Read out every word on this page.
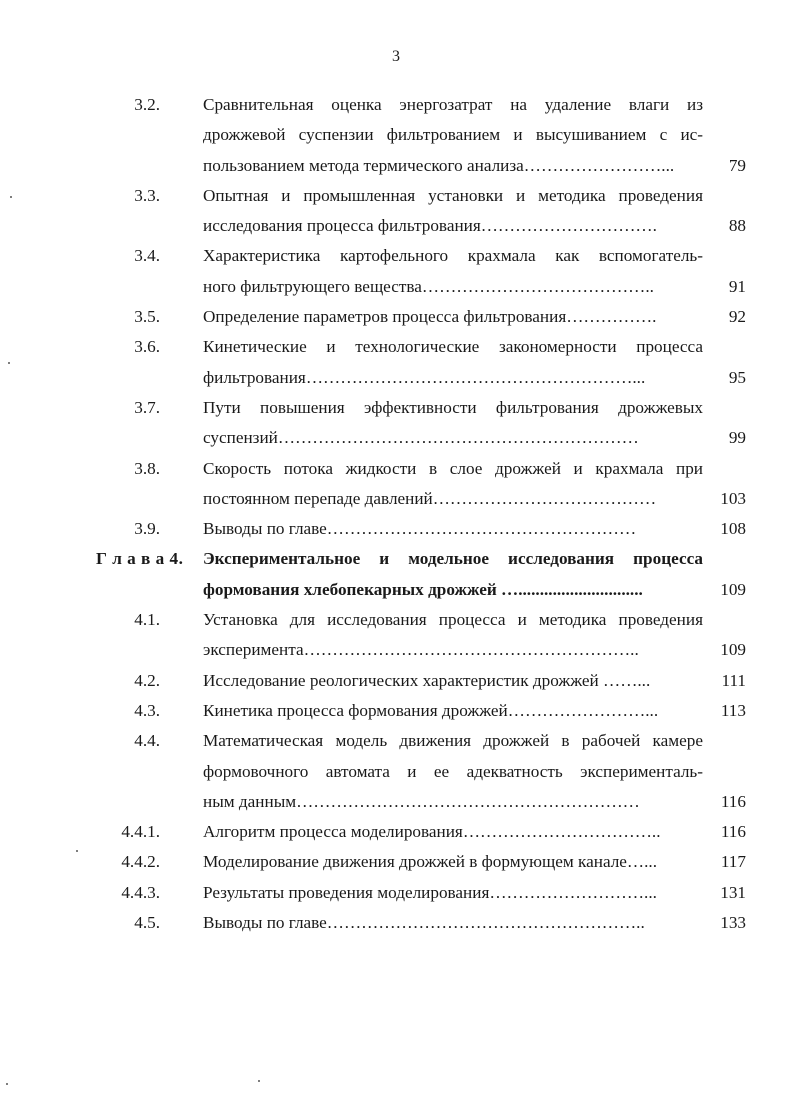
3
3.2.	Сравнительная оценка энергозатрат на удаление влаги из
дрожжевой суспензии фильтрованием и высушиванием с ис-
пользованием метода термического анализа……………………...	79
3.3.	Опытная и промышленная установки и методика проведения
исследования процесса фильтрования………………………….	88
3.4.	Характеристика картофельного крахмала как вспомогатель-
ного фильтрующего вещества…………………………………..	91
3.5.	Определение параметров процесса фильтрования…………….	92
3.6.	Кинетические и технологические закономерности процесса
фильтрования…………………………………………………...	95
3.7.	Пути повышения эффективности фильтрования дрожжевых
суспензий………………………………………………………	99
3.8.	Скорость потока жидкости в слое дрожжей и крахмала при
постоянном перепаде давлений…………………………………	103
3.9.	Выводы по главе………………………………………………	108
Г л а в а 4. Экспериментальное и модельное исследования процесса
формования хлебопекарных дрожжей ….............................	109
4.1.	Установка для исследования процесса и методика проведения
эксперимента…………………………………………………..	109
4.2.	Исследование реологических характеристик дрожжей ……...	111
4.3.	Кинетика процесса формования дрожжей……………………...	113
4.4.	Математическая модель движения дрожжей в рабочей камере
формовочного автомата и ее адекватность эксперименталь-
ным данным……………………………………………………	116
4.4.1.	Алгоритм процесса моделирования……………………………..	116
4.4.2.	Моделирование движения дрожжей в формующем канале…...	117
4.4.3.	Результаты проведения моделирования………………………...	131
4.5.	Выводы по главе………………………………………………..	133
